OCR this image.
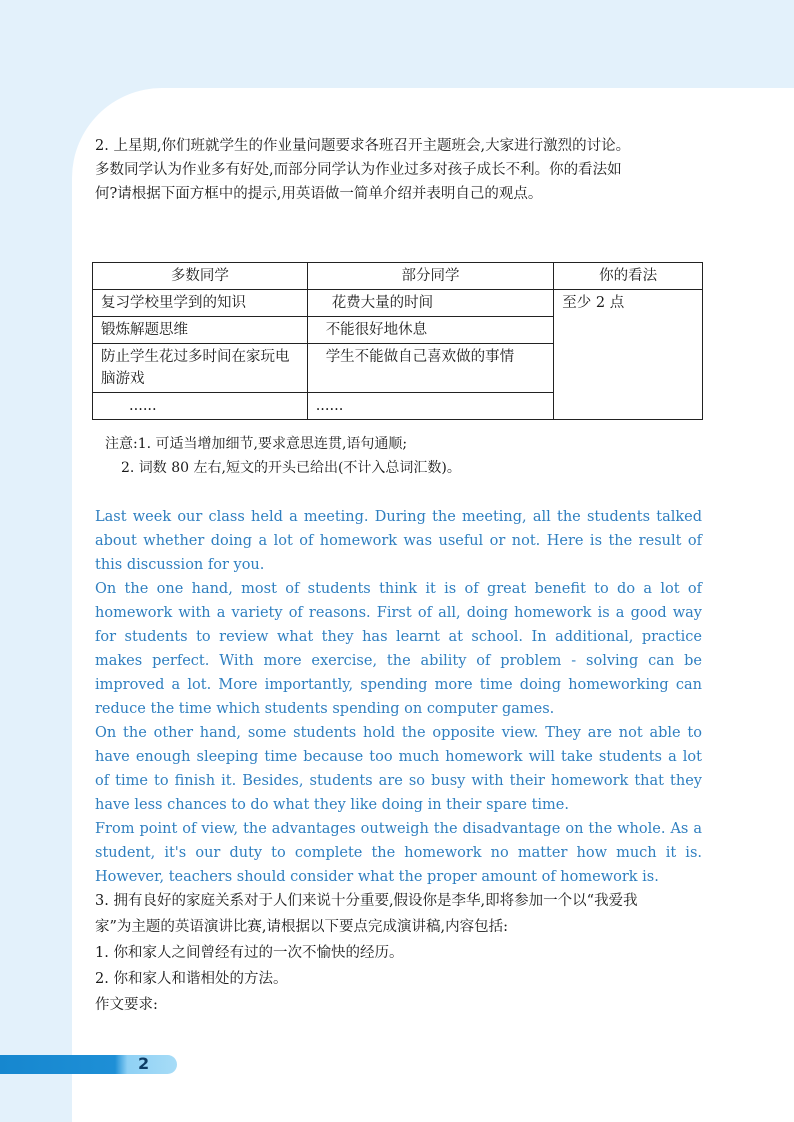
2. 上星期,你们班就学生的作业量问题要求各班召开主题班会,大家进行激烈的讨论。

多数同学认为作业多有好处,而部分同学认为作业过多对孩子成长不利。你的看法如

何?请根据下面方框中的提示,用英语做一简单介绍并表明自己的观点。

多数同学	部分同学	你的看法
复习学校里学到的知识	花费大量的时间	至少 2 点
锻炼解题思维	不能很好地休息	
防止学生花过多时间在家玩电脑游戏	学生不能做自己喜欢做的事情	
......	......	
注意:1. 可适当增加细节,要求意思连贯,语句通顺;
2. 词数 80 左右,短文的开头已给出(不计入总词汇数)。

Last week our class held a meeting. During the meeting, all the students talked about whether doing a lot of homework was useful or not. Here is the result of this discussion for you.

On the one hand, most of students think it is of great benefit to do a lot of homework with a variety of reasons. First of all, doing homework is a good way for students to review what they has learnt at school. In additional, practice makes perfect. With more exercise, the ability of problem - solving can be improved a lot. More importantly, spending more time doing homeworking can reduce the time which students spending on computer games.

On the other hand, some students hold the opposite view. They are not able to have enough sleeping time because too much homework will take students a lot of time to finish it. Besides, students are so busy with their homework that they have less chances to do what they like doing in their spare time.

From point of view, the advantages outweigh the disadvantage on the whole. As a student, it's our duty to complete the homework no matter how much it is. However, teachers should consider what the proper amount of homework is.

3. 拥有良好的家庭关系对于人们来说十分重要,假设你是李华,即将参加一个以“我爱我

家”为主题的英语演讲比赛,请根据以下要点完成演讲稿,内容包括:

1. 你和家人之间曾经有过的一次不愉快的经历。

2. 你和家人和谐相处的方法。

作文要求:

2
